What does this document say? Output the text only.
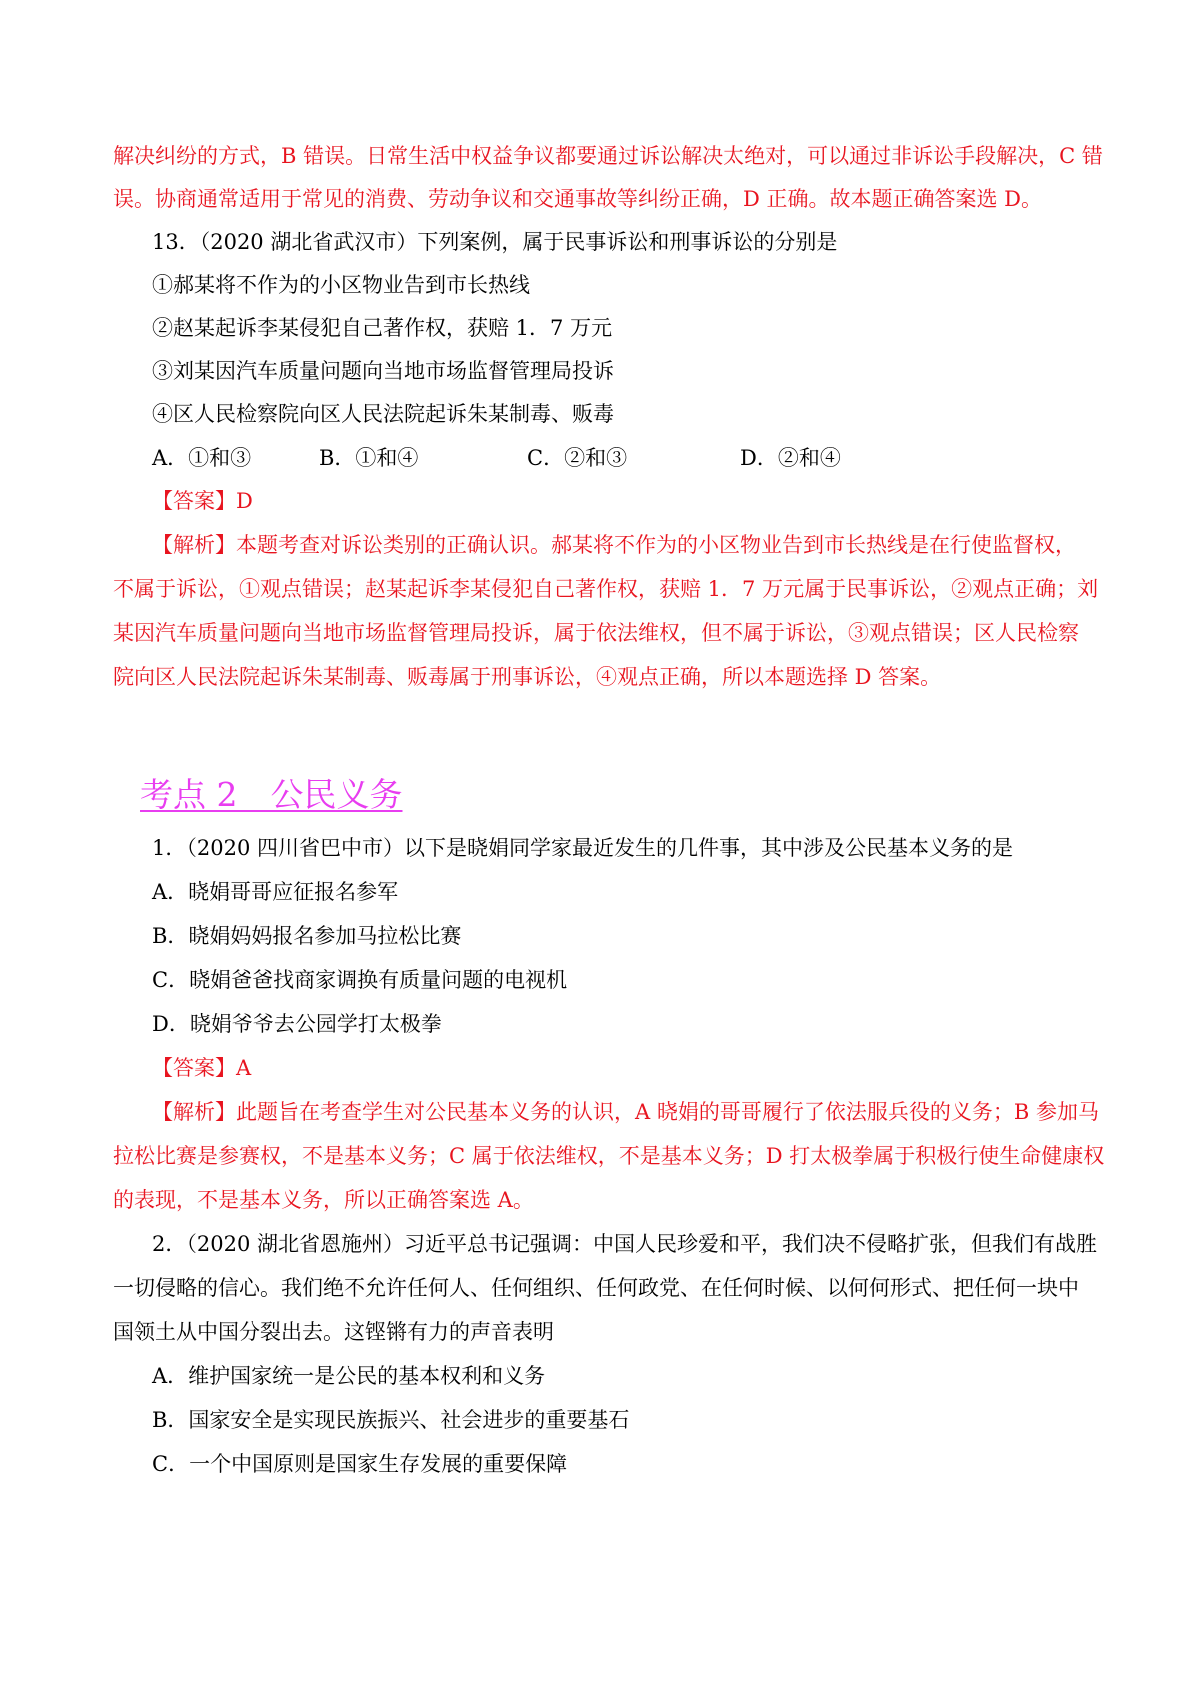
解决纠纷的方式，B 错误。日常生活中权益争议都要通过诉讼解决太绝对，可以通过非诉讼手段解决，C 错
误。协商通常适用于常见的消费、劳动争议和交通事故等纠纷正确，D 正确。故本题正确答案选 D。
13．（2020 湖北省武汉市）下列案例，属于民事诉讼和刑事诉讼的分别是
①郝某将不作为的小区物业告到市长热线
②赵某起诉李某侵犯自己著作权，获赔 1．7 万元
③刘某因汽车质量问题向当地市场监督管理局投诉
④区人民检察院向区人民法院起诉朱某制毒、贩毒
A．①和③	B．①和④	C．②和③	D．②和④
【答案】D
【解析】本题考查对诉讼类别的正确认识。郝某将不作为的小区物业告到市长热线是在行使监督权，
不属于诉讼，①观点错误；赵某起诉李某侵犯自己著作权，获赔 1．7 万元属于民事诉讼，②观点正确；刘
某因汽车质量问题向当地市场监督管理局投诉，属于依法维权，但不属于诉讼，③观点错误；区人民检察
院向区人民法院起诉朱某制毒、贩毒属于刑事诉讼，④观点正确，所以本题选择 D 答案。
考点 2　公民义务
1．（2020 四川省巴中市）以下是晓娟同学家最近发生的几件事，其中涉及公民基本义务的是
A．晓娟哥哥应征报名参军
B．晓娟妈妈报名参加马拉松比赛
C．晓娟爸爸找商家调换有质量问题的电视机
D．晓娟爷爷去公园学打太极拳
【答案】A
【解析】此题旨在考查学生对公民基本义务的认识，A 晓娟的哥哥履行了依法服兵役的义务；B 参加马
拉松比赛是参赛权，不是基本义务；C 属于依法维权，不是基本义务；D 打太极拳属于积极行使生命健康权
的表现，不是基本义务，所以正确答案选 A。
2．（2020 湖北省恩施州）习近平总书记强调：中国人民珍爱和平，我们决不侵略扩张，但我们有战胜
一切侵略的信心。我们绝不允许任何人、任何组织、任何政党、在任何时候、以何何形式、把任何一块中
国领土从中国分裂出去。这铿锵有力的声音表明
A．维护国家统一是公民的基本权利和义务
B．国家安全是实现民族振兴、社会进步的重要基石
C．一个中国原则是国家生存发展的重要保障
